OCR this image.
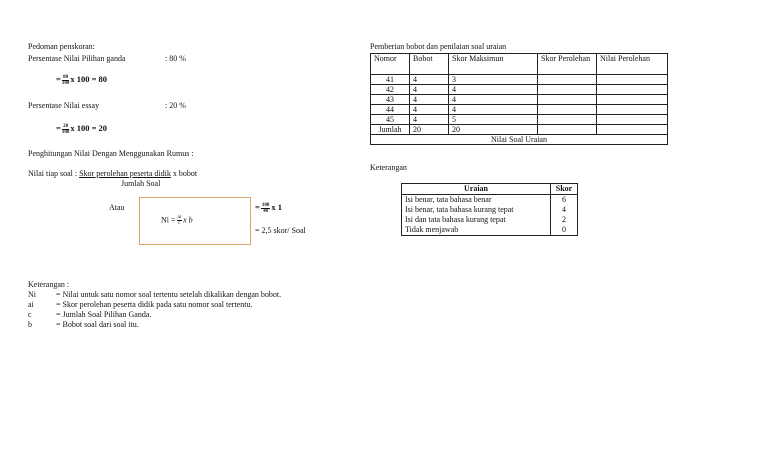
Pedoman penskoran:
Persentase Nilai Pilihan ganda	: 80 %
= $\frac{80}{100}$ x 100 = 80
Persentase Nilai essay	: 20 %
= $\frac{20}{100}$ x 100 = 20
Penghitungan Nilai Dengan Menggunakan Rumus :
Nilai tiap soal : Skor perolehan peserta didik x bobot
Jumlah Soal
Atau
$Ni = \frac{ai}{c}$ x b
= $\frac{100}{40}$ x 1
= 2,5 skor/ Soal
Keterangan :
Ni	= Nilai untuk satu nomor soal tertentu setelah dikalikan dengan bobot.
ai	= Skor perolehan peserta didik pada satu nomor soal tertentu.
c	= Jumlah Soal Pilihan Ganda.
b	= Bobot soal dari soal itu.
Pemberian bobot dan penilaian soal uraian
Nomor	Bobot	Skor Maksimun	Skor Perolehan	Nilai Perolehan
41	4	3		
42	4	4		
43	4	4		
44	4	4		
45	4	5		
Jumlah	20	20		
Nilai Soal Uraian				
Keterangan
Uraian	Skor
Isi benar, tata bahasa benar	6
Isi benar, tata bahasa kurang tepat	4
Isi dan tata bahasa kurang tepat	2
Tidak menjawab	0
